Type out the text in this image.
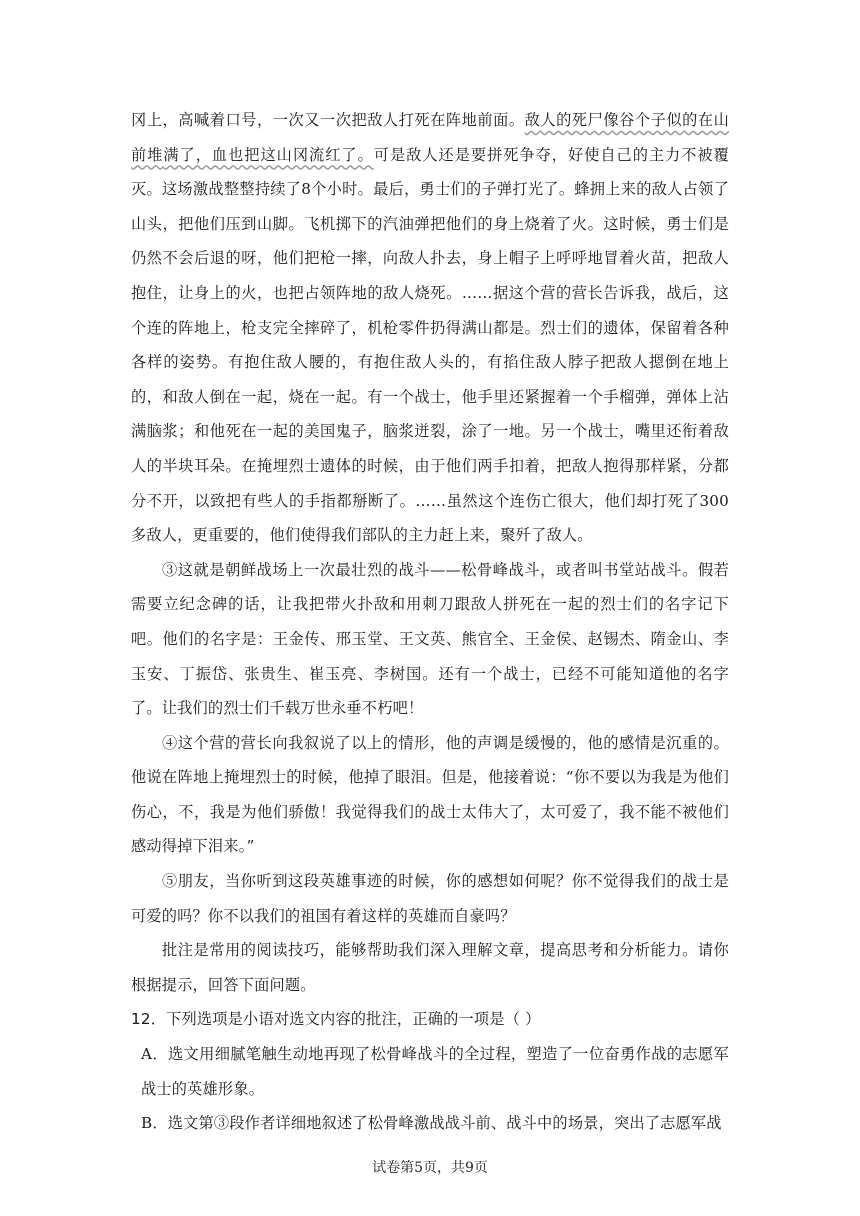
冈上，高喊着口号，一次又一次把敌人打死在阵地前面。敌人的死尸像谷个子似的在山前堆满了，血也把这山冈流红了。可是敌人还是要拼死争夺，好使自己的主力不被覆灭。这场激战整整持续了8个小时。最后，勇士们的子弹打光了。蜂拥上来的敌人占领了山头，把他们压到山脚。飞机掷下的汽油弹把他们的身上烧着了火。这时候，勇士们是仍然不会后退的呀，他们把枪一摔，向敌人扑去，身上帽子上呼呼地冒着火苗，把敌人抱住，让身上的火，也把占领阵地的敌人烧死。……据这个营的营长告诉我，战后，这个连的阵地上，枪支完全摔碎了，机枪零件扔得满山都是。烈士们的遗体，保留着各种各样的姿势。有抱住敌人腰的，有抱住敌人头的，有掐住敌人脖子把敌人摁倒在地上的，和敌人倒在一起，烧在一起。有一个战士，他手里还紧握着一个手榴弹，弹体上沾满脑浆；和他死在一起的美国鬼子，脑浆迸裂，涂了一地。另一个战士，嘴里还衔着敌人的半块耳朵。在掩埋烈士遗体的时候，由于他们两手扣着，把敌人抱得那样紧，分都分不开，以致把有些人的手指都掰断了。……虽然这个连伤亡很大，他们却打死了300多敌人，更重要的，他们使得我们部队的主力赶上来，聚歼了敌人。

③这就是朝鲜战场上一次最壮烈的战斗——松骨峰战斗，或者叫书堂站战斗。假若需要立纪念碑的话，让我把带火扑敌和用刺刀跟敌人拼死在一起的烈士们的名字记下吧。他们的名字是：王金传、邢玉堂、王文英、熊官全、王金侯、赵锡杰、隋金山、李玉安、丁振岱、张贵生、崔玉亮、李树国。还有一个战士，已经不可能知道他的名字了。让我们的烈士们千载万世永垂不朽吧！

④这个营的营长向我叙说了以上的情形，他的声调是缓慢的，他的感情是沉重的。他说在阵地上掩埋烈士的时候，他掉了眼泪。但是，他接着说：“你不要以为我是为他们伤心，不，我是为他们骄傲！我觉得我们的战士太伟大了，太可爱了，我不能不被他们感动得掉下泪来。”

⑤朋友，当你听到这段英雄事迹的时候，你的感想如何呢？你不觉得我们的战士是可爱的吗？你不以我们的祖国有着这样的英雄而自豪吗？

批注是常用的阅读技巧，能够帮助我们深入理解文章，提高思考和分析能力。请你根据提示，回答下面问题。

12．下列选项是小语对选文内容的批注，正确的一项是（ ）

A．选文用细腻笔触生动地再现了松骨峰战斗的全过程，塑造了一位奋勇作战的志愿军战士的英雄形象。

B．选文第③段作者详细地叙述了松骨峰激战战斗前、战斗中的场景，突出了志愿军战

试卷第5页，共9页
